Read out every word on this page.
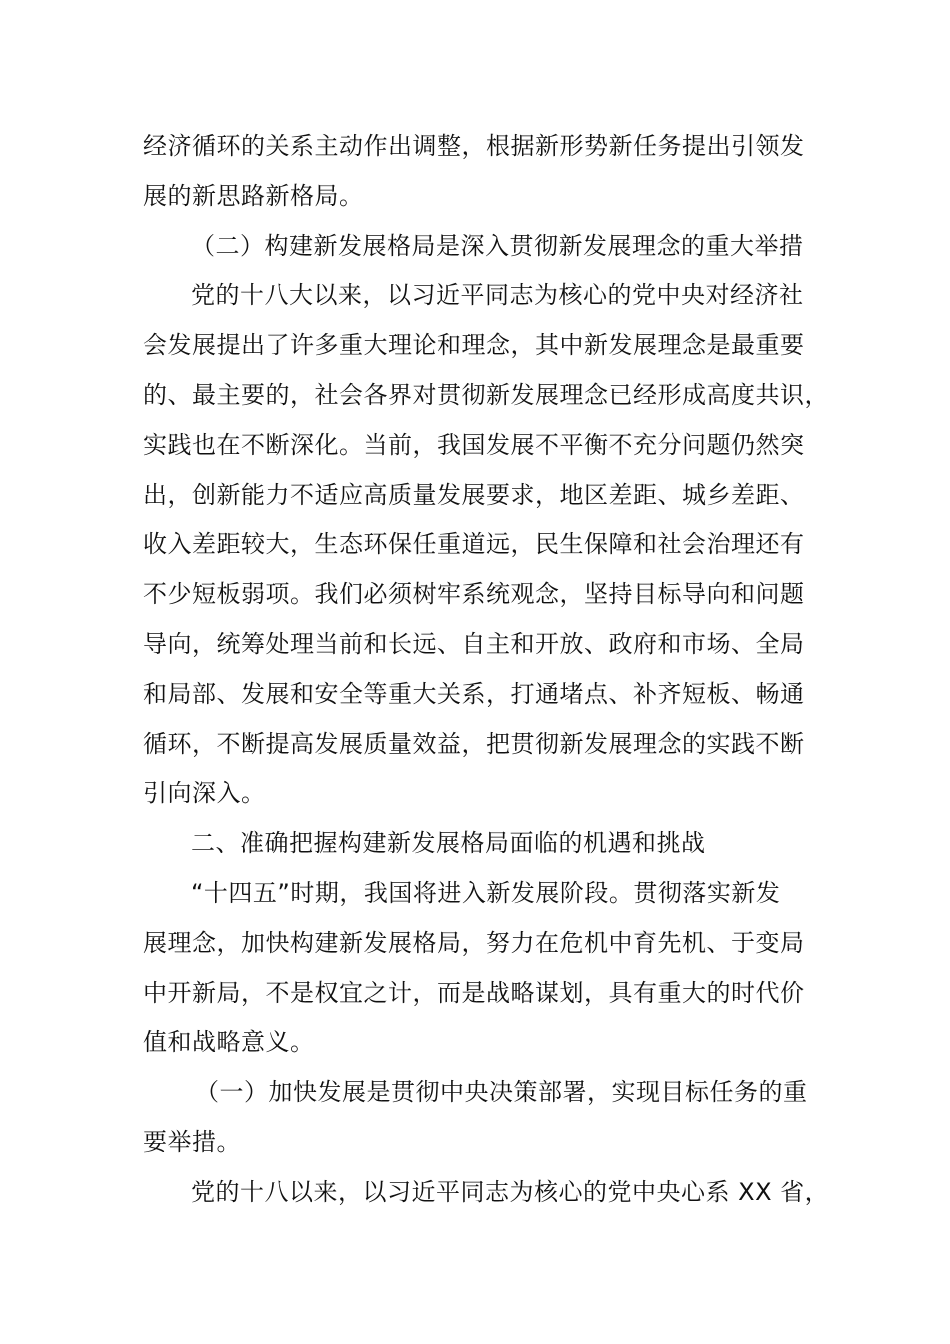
经济循环的关系主动作出调整，根据新形势新任务提出引领发
展的新思路新格局。
（二）构建新发展格局是深入贯彻新发展理念的重大举措
党的十八大以来，以习近平同志为核心的党中央对经济社
会发展提出了许多重大理论和理念，其中新发展理念是最重要
的、最主要的，社会各界对贯彻新发展理念已经形成高度共识，
实践也在不断深化。当前，我国发展不平衡不充分问题仍然突
出，创新能力不适应高质量发展要求，地区差距、城乡差距、
收入差距较大，生态环保任重道远，民生保障和社会治理还有
不少短板弱项。我们必须树牢系统观念，坚持目标导向和问题
导向，统筹处理当前和长远、自主和开放、政府和市场、全局
和局部、发展和安全等重大关系，打通堵点、补齐短板、畅通
循环，不断提高发展质量效益，把贯彻新发展理念的实践不断
引向深入。
二、准确把握构建新发展格局面临的机遇和挑战
“十四五”时期，我国将进入新发展阶段。贯彻落实新发
展理念，加快构建新发展格局，努力在危机中育先机、于变局
中开新局，不是权宜之计，而是战略谋划，具有重大的时代价
值和战略意义。
（一）加快发展是贯彻中央决策部署，实现目标任务的重
要举措。
党的十八以来，以习近平同志为核心的党中央心系 XX 省，
